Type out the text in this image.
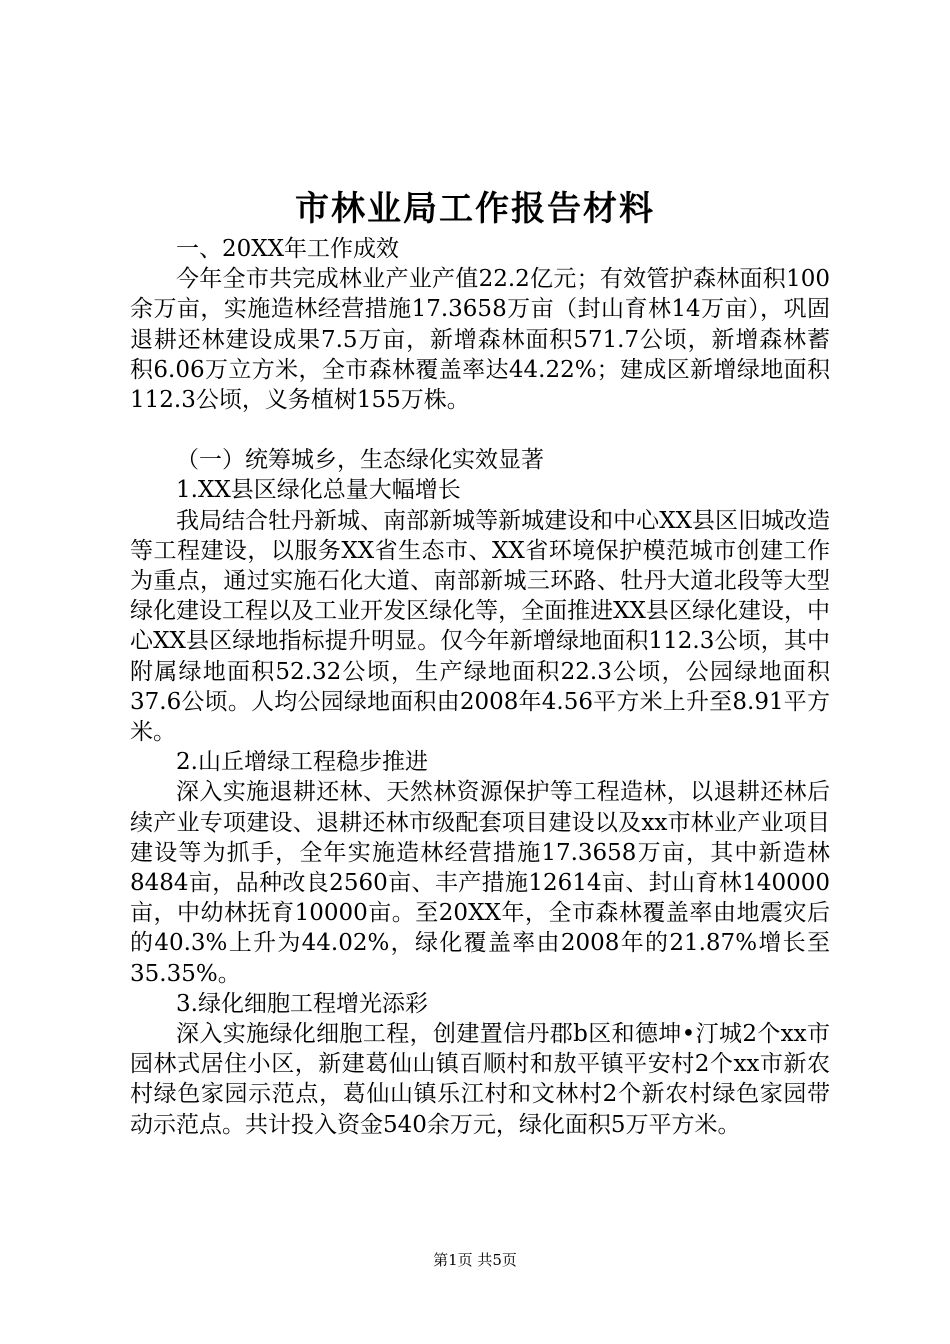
市林业局工作报告材料

一、20XX年工作成效

今年全市共完成林业产业产值22.2亿元；有效管护森林面积100余万亩，实施造林经营措施17.3658万亩（封山育林14万亩），巩固退耕还林建设成果7.5万亩，新增森林面积571.7公顷，新增森林蓄积6.06万立方米，全市森林覆盖率达44.22%；建成区新增绿地面积112.3公顷，义务植树155万株。

（一）统筹城乡，生态绿化实效显著

1.XX县区绿化总量大幅增长

我局结合牡丹新城、南部新城等新城建设和中心XX县区旧城改造等工程建设，以服务XX省生态市、XX省环境保护模范城市创建工作为重点，通过实施石化大道、南部新城三环路、牡丹大道北段等大型绿化建设工程以及工业开发区绿化等，全面推进XX县区绿化建设，中心XX县区绿地指标提升明显。仅今年新增绿地面积112.3公顷，其中附属绿地面积52.32公顷，生产绿地面积22.3公顷，公园绿地面积37.6公顷。人均公园绿地面积由2008年4.56平方米上升至8.91平方米。

2.山丘增绿工程稳步推进

深入实施退耕还林、天然林资源保护等工程造林，以退耕还林后续产业专项建设、退耕还林市级配套项目建设以及xx市林业产业项目建设等为抓手，全年实施造林经营措施17.3658万亩，其中新造林8484亩，品种改良2560亩、丰产措施12614亩、封山育林140000亩，中幼林抚育10000亩。至20XX年，全市森林覆盖率由地震灾后的40.3%上升为44.02%，绿化覆盖率由2008年的21.87%增长至35.35%。

3.绿化细胞工程增光添彩

深入实施绿化细胞工程，创建置信丹郡b区和德坤•汀城2个xx市园林式居住小区，新建葛仙山镇百顺村和敖平镇平安村2个xx市新农村绿色家园示范点，葛仙山镇乐江村和文林村2个新农村绿色家园带动示范点。共计投入资金540余万元，绿化面积5万平方米。

第1页 共5页
